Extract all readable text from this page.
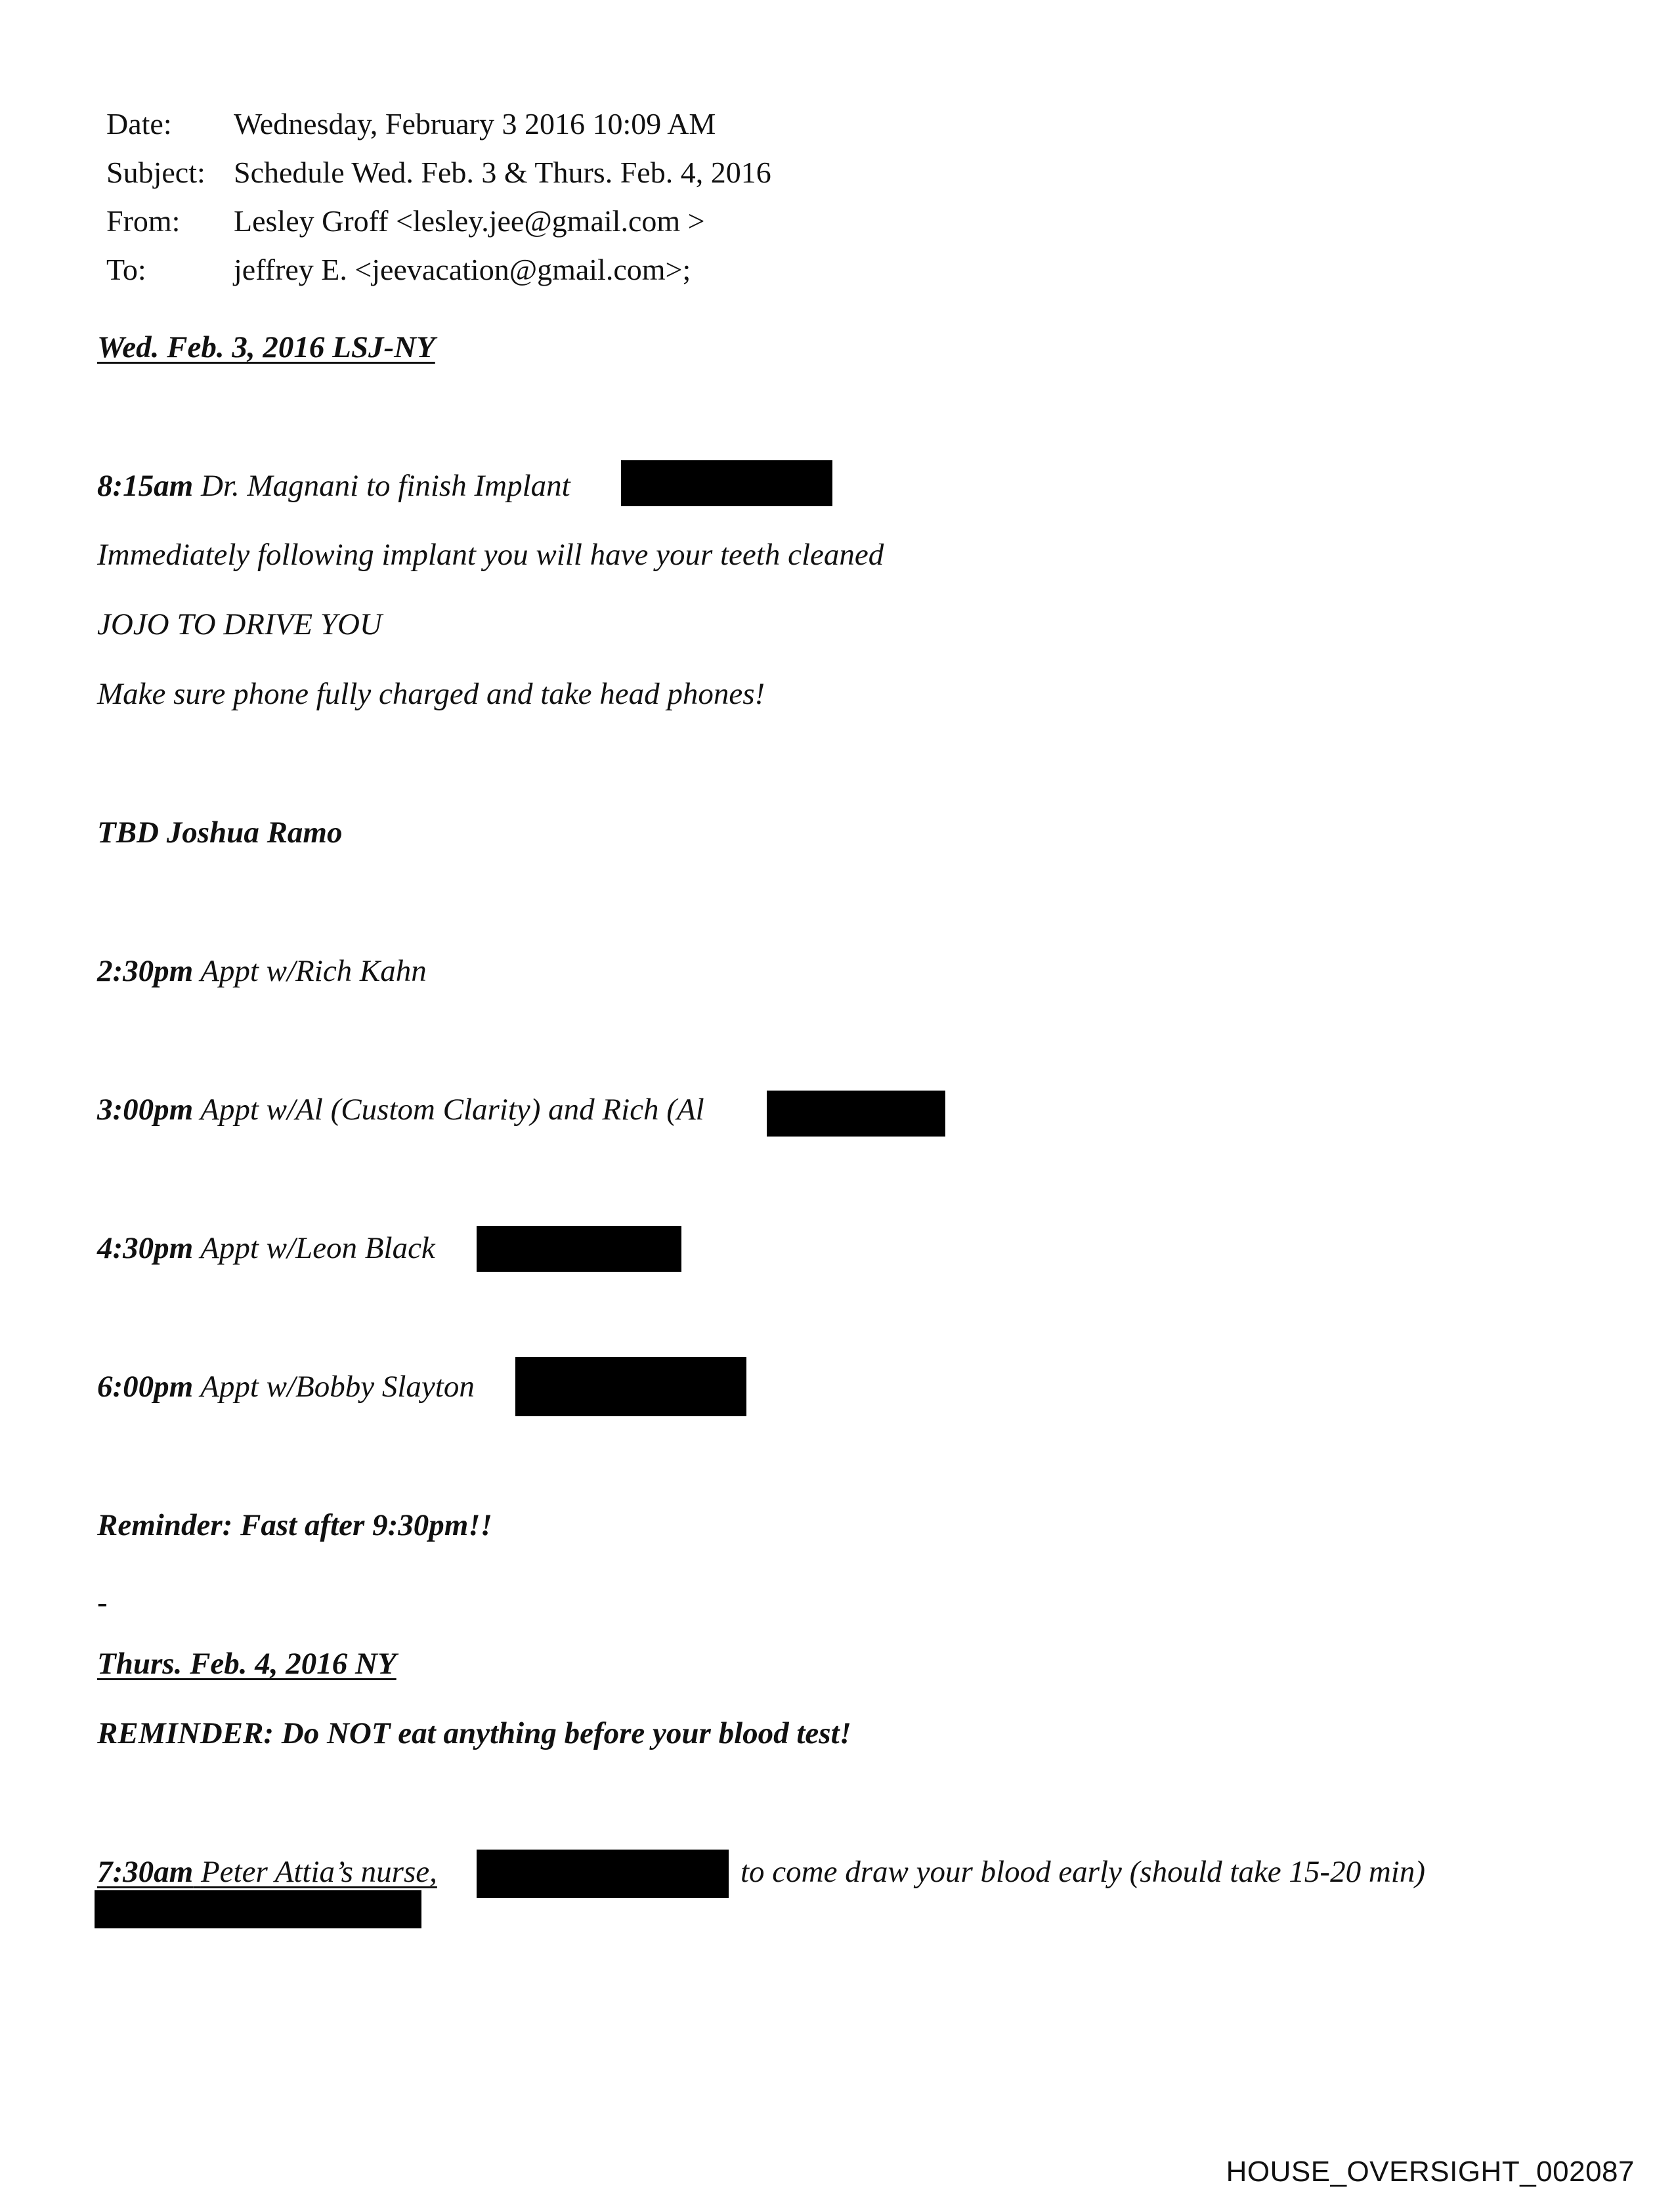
Date: Wednesday, February 3 2016 10:09 AM
Subject: Schedule Wed. Feb. 3 & Thurs. Feb. 4, 2016
From: Lesley Groff <lesley.jee@gmail.com >
To:	jeffrey E. <jeevacation@gmail.com>;
Wed. Feb. 3, 2016 LSJ-NY
8:15am Dr. Magnani to finish Implant
Immediately following implant you will have your teeth cleaned
JOJO TO DRIVE YOU
Make sure phone fully charged and take head phones!
TBD Joshua Ramo
2:30pm Appt w/Rich Kahn
3:00pm Appt w/Al (Custom Clarity) and Rich (Al
4:30pm Appt w/Leon Black
6:00pm Appt w/Bobby Slayton
Reminder: Fast after 9:30pm!!
-
Thurs. Feb. 4, 2016 NY
REMINDER: Do NOT eat anything before your blood test!
7:30am Peter Attia’s nurse,	to come draw your blood early (should take 15-20 min)
HOUSE_OVERSIGHT_002087
